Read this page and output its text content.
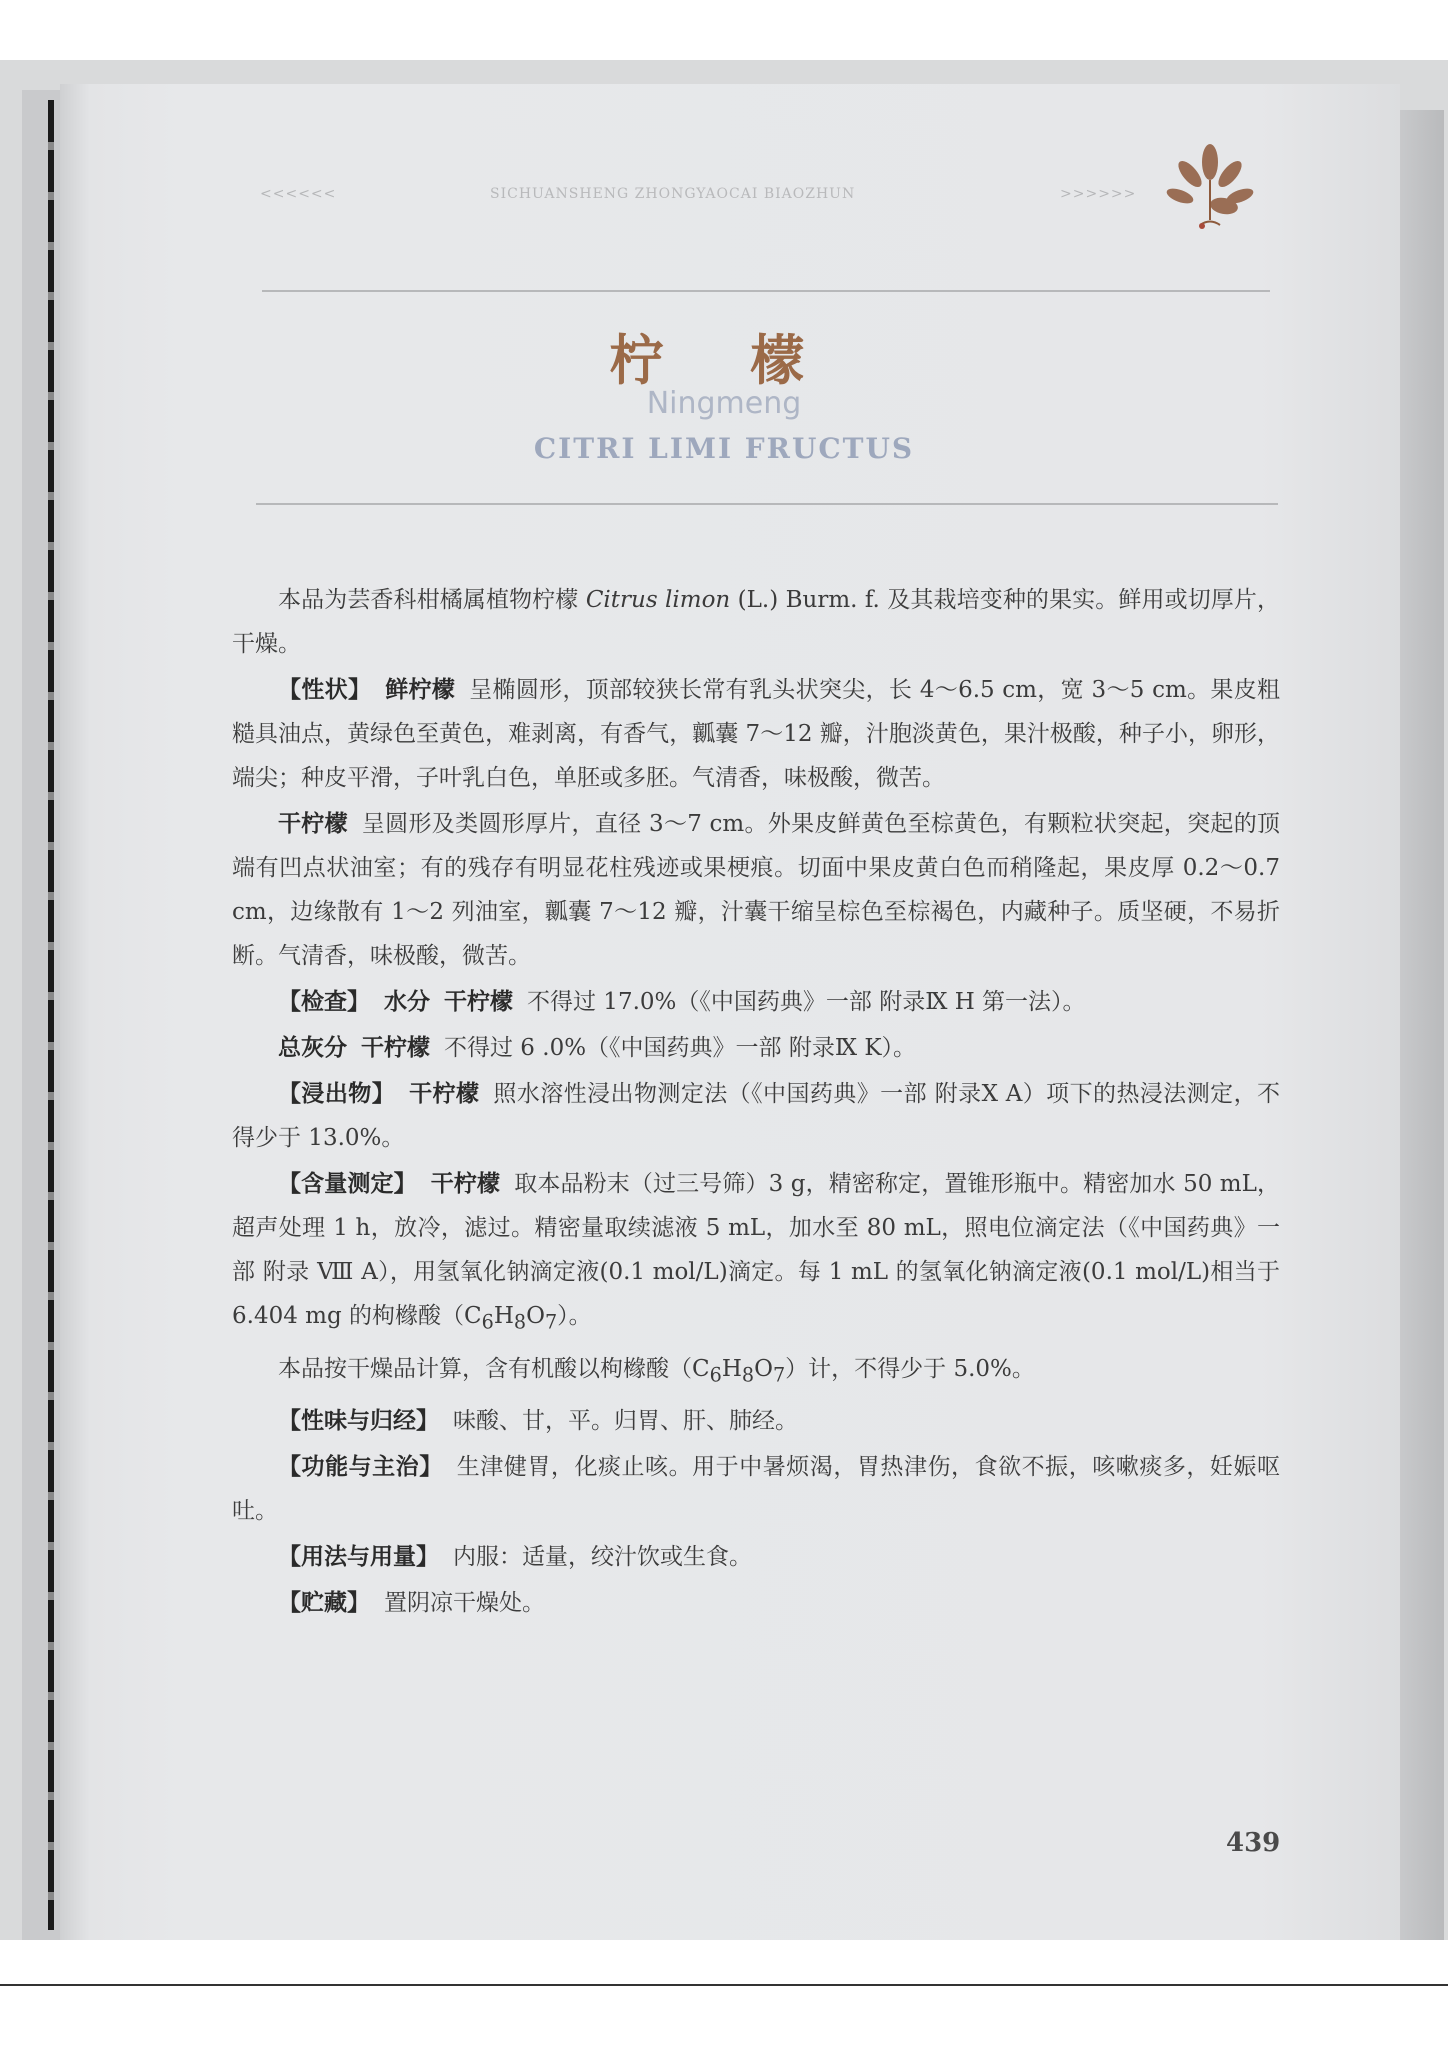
<<<<<<	SICHUANSHENG ZHONGYAOCAI BIAOZHUN	>>>>>>
柠 檬
Ningmeng
CITRI LIMI FRUCTUS

本品为芸香科柑橘属植物柠檬 Citrus limon (L.) Burm. f. 及其栽培变种的果实。鲜用或切厚片，干燥。

【性状】 鲜柠檬 呈椭圆形，顶部较狭长常有乳头状突尖，长 4～6.5 cm，宽 3～5 cm。果皮粗糙具油点，黄绿色至黄色，难剥离，有香气，瓤囊 7～12 瓣，汁胞淡黄色，果汁极酸，种子小，卵形，端尖；种皮平滑，子叶乳白色，单胚或多胚。气清香，味极酸，微苦。

干柠檬 呈圆形及类圆形厚片，直径 3～7 cm。外果皮鲜黄色至棕黄色，有颗粒状突起，突起的顶端有凹点状油室；有的残存有明显花柱残迹或果梗痕。切面中果皮黄白色而稍隆起，果皮厚 0.2～0.7 cm，边缘散有 1～2 列油室，瓤囊 7～12 瓣，汁囊干缩呈棕色至棕褐色，内藏种子。质坚硬，不易折断。气清香，味极酸，微苦。

【检查】 水分 干柠檬 不得过 17.0%（《中国药典》一部 附录Ⅸ H 第一法）。

总灰分 干柠檬 不得过 6 .0%（《中国药典》一部 附录Ⅸ K）。

【浸出物】 干柠檬 照水溶性浸出物测定法（《中国药典》一部 附录X A）项下的热浸法测定，不得少于 13.0%。

【含量测定】 干柠檬 取本品粉末（过三号筛）3 g，精密称定，置锥形瓶中。精密加水 50 mL，超声处理 1 h，放冷，滤过。精密量取续滤液 5 mL，加水至 80 mL，照电位滴定法（《中国药典》一部 附录 Ⅷ A），用氢氧化钠滴定液(0.1 mol/L)滴定。每 1 mL 的氢氧化钠滴定液(0.1 mol/L)相当于 6.404 mg 的枸橼酸$(C_6H_8O_7)$。

本品按干燥品计算，含有机酸以枸橼酸$(C_6H_8O_7)$计，不得少于 5.0%。

【性味与归经】 味酸、甘，平。归胃、肝、肺经。

【功能与主治】 生津健胃，化痰止咳。用于中暑烦渴，胃热津伤，食欲不振，咳嗽痰多，妊娠呕吐。

【用法与用量】 内服：适量，绞汁饮或生食。

【贮藏】 置阴凉干燥处。

439
